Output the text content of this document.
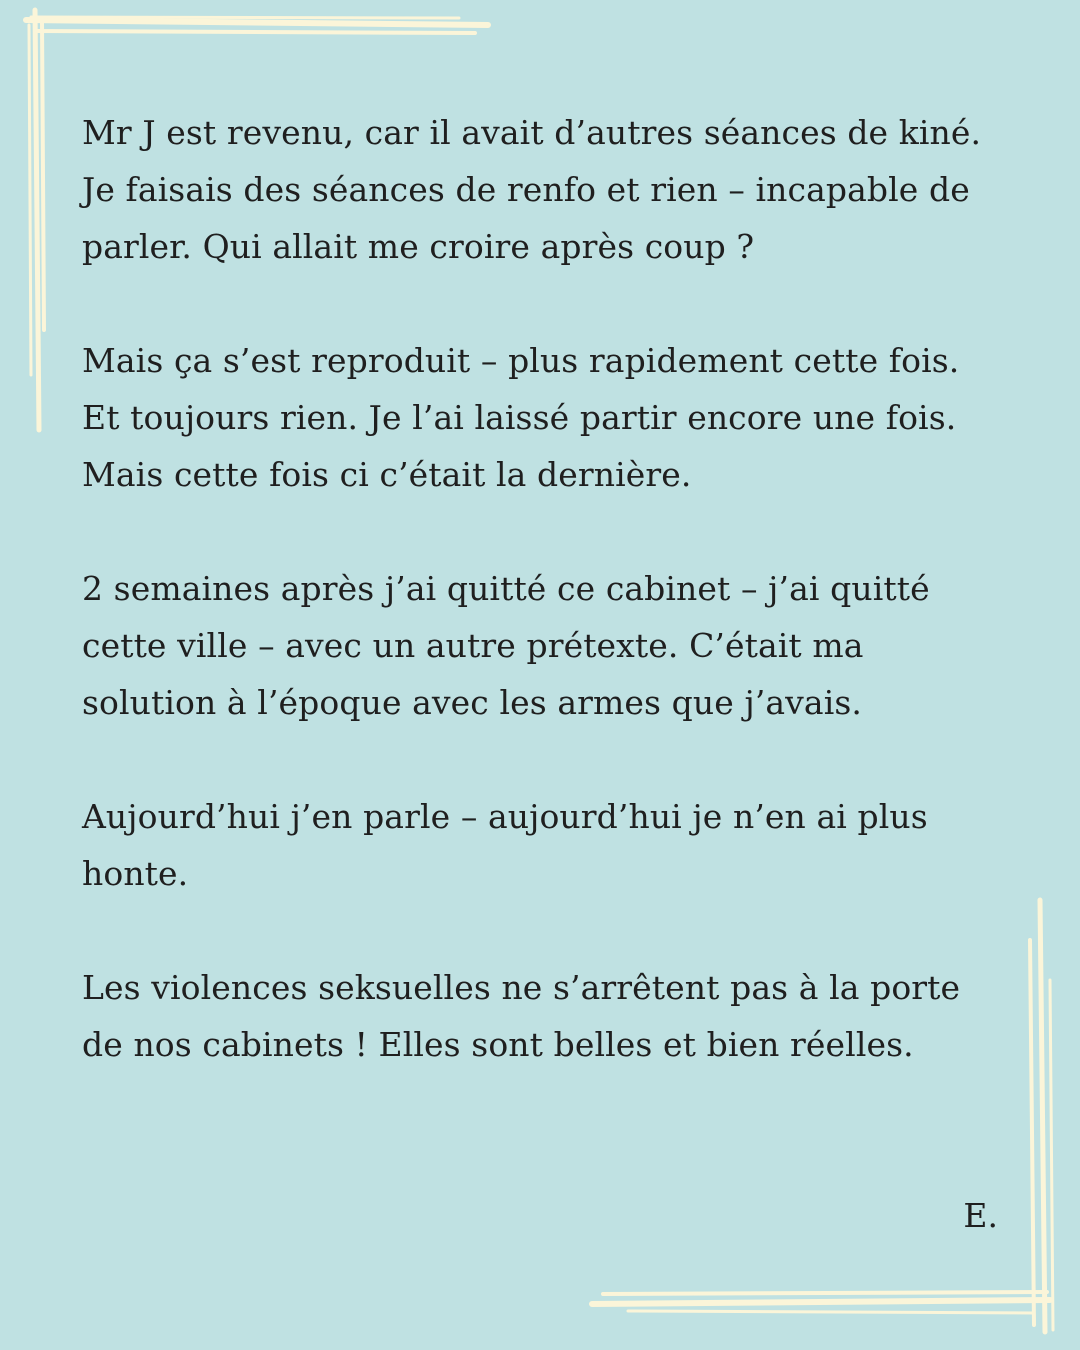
Mr J est revenu, car il avait d’autres séances de kiné. Je faisais des séances de renfo et rien – incapable de parler. Qui allait me croire après coup ?

Mais ça s’est reproduit – plus rapidement cette fois. Et toujours rien. Je l’ai laissé partir encore une fois. Mais cette fois ci c’était la dernière.

2 semaines après j’ai quitté ce cabinet – j’ai quitté cette ville – avec un autre prétexte. C’était ma solution à l’époque avec les armes que j’avais.

Aujourd’hui j’en parle – aujourd’hui je n’en ai plus honte.

Les violences seksuelles ne s’arrêtent pas à la porte de nos cabinets ! Elles sont belles et bien réelles.

E.
